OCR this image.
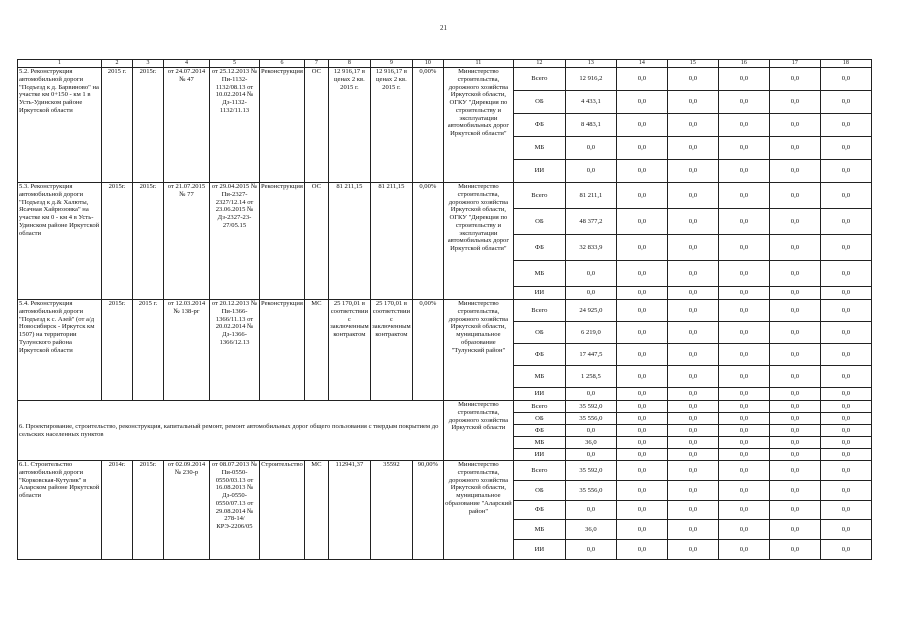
21
1	2	3	4	5	6	7	8	9	10	11	12	13	14	15	16	17	18
5.2. Реконструкция автомобильной дороги "Подъезд к д. Барвиново" на участке км 0+150 - км 1 в Усть-Удинском районе Иркутской области	2015 г.	2015г.	от 24.07.2014 № 47	от 25.12.2013 № Пи-1132-1132/08.13 от 10.02.2014 № Дз-1132-1132/11.13	Реконструкция	ОС	12 916,17 в ценах 2 кв. 2015 г.	12 916,17 в ценах 2 кв. 2015 г.	0,00%	Министерство строительства, дорожного хозяйства Иркутской области, ОГКУ "Дирекция по строительству и эксплуатации автомобильных дорог Иркутской области"	Всего	12 916,2	0,0	0,0	0,0	0,0	0,0
											ОБ	4 433,1	0,0	0,0	0,0	0,0	0,0
											ФБ	8 483,1	0,0	0,0	0,0	0,0	0,0
											МБ	0,0	0,0	0,0	0,0	0,0	0,0
											ИИ	0,0	0,0	0,0	0,0	0,0	0,0
5.3. Реконструкция автомобильной дороги "Подъезд к д.& Халюты, Ясачная Хайрюзовка" на участке км 0 - км 4 в Усть-Удинском районе Иркутской области	2015г.	2015г.	от 21.07.2015 № 77	от 29.04.2015 № Пи-2327-2327/12.14 от 23.06.2015 № Дз-2327-23-27/05.15	Реконструкция	ОС	81 211,15	81 211,15	0,00%	Министерство строительства, дорожного хозяйства Иркутской области, ОГКУ "Дирекция по строительству и эксплуатации автомобильных дорог Иркутской области"	Всего	81 211,1	0,0	0,0	0,0	0,0	0,0
											ОБ	48 377,2	0,0	0,0	0,0	0,0	0,0
											ФБ	32 833,9	0,0	0,0	0,0	0,0	0,0
											МБ	0,0	0,0	0,0	0,0	0,0	0,0
											ИИ	0,0	0,0	0,0	0,0	0,0	0,0
5.4. Реконструкция автомобильной дороги "Подъезд к с. Азей" (от а/д Новосибирск - Иркутск км 1507) на территории Тулунского района Иркутской области	2015г.	2015 г.	от 12.03.2014 № 138-рг	от 20.12.2013 № Пи-1366-1366/11.13 от 20.02.2014 № Дз-1366-1366/12.13	Реконструкция	МС	25 170,01 в соответствии с заключенным контрактом	25 170,01 в соответствии с заключенным контрактом	0,00%	Министерство строительства, дорожного хозяйства Иркутской области, муниципальное образование "Тулунский район"	Всего	24 925,0	0,0	0,0	0,0	0,0	0,0
											ОБ	6 219,0	0,0	0,0	0,0	0,0	0,0
											ФБ	17 447,5	0,0	0,0	0,0	0,0	0,0
											МБ	1 258,5	0,0	0,0	0,0	0,0	0,0
											ИИ	0,0	0,0	0,0	0,0	0,0	0,0
6. Проектирование, строительство, реконструкция, капитальный ремонт, ремонт автомобильных дорог общего пользования с твердым покрытием до сельских населенных пунктов										Министерство строительства, дорожного хозяйства Иркутской области	Всего	35 592,0	0,0	0,0	0,0	0,0	0,0
											ОБ	35 556,0	0,0	0,0	0,0	0,0	0,0
											ФБ	0,0	0,0	0,0	0,0	0,0	0,0
											МБ	36,0	0,0	0,0	0,0	0,0	0,0
											ИИ	0,0	0,0	0,0	0,0	0,0	0,0
6.1. Строительство автомобильной дороги "Корковская-Кутулик" в Аларском районе Иркутской области	2014г.	2015г.	от 02.09.2014 № 230-р	от 08.07.2013 № Пи-0550-0550/03.13 от 16.08.2013 № Дз-0550-0550/07.13 от 29.08.2014 № 278-14/КРЭ-2206/05	Строительство	МС	112941,37	35592	90,00%	Министерство строительства, дорожного хозяйства Иркутской области, муниципальное образование "Аларский район"	Всего	35 592,0	0,0	0,0	0,0	0,0	0,0
											ОБ	35 556,0	0,0	0,0	0,0	0,0	0,0
											ФБ	0,0	0,0	0,0	0,0	0,0	0,0
											МБ	36,0	0,0	0,0	0,0	0,0	0,0
											ИИ	0,0	0,0	0,0	0,0	0,0	0,0
